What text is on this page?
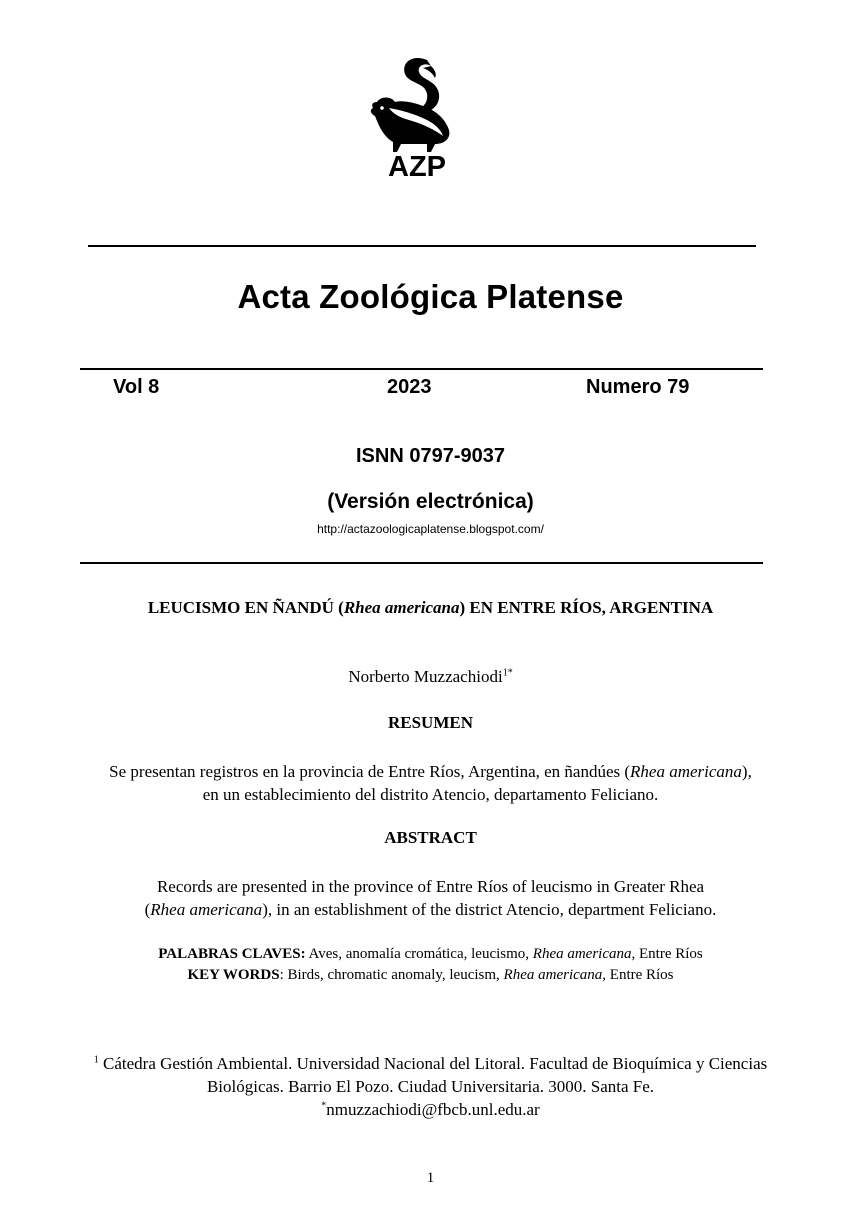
AZP
Acta Zoológica Platense
Vol 8	2023	Numero 79
ISNN 0797-9037
(Versión electrónica)
http://actazoologicaplatense.blogspot.com/
LEUCISMO EN ÑANDÚ (Rhea americana) EN ENTRE RÍOS, ARGENTINA
Norberto Muzzachiodi$^{1*}$
RESUMEN
Se presentan registros en la provincia de Entre Ríos, Argentina, en ñandúes (Rhea americana),
en un establecimiento del distrito Atencio, departamento Feliciano.
ABSTRACT
Records are presented in the province of Entre Ríos of leucismo in Greater Rhea
(Rhea americana), in an establishment of the district Atencio, department Feliciano.
PALABRAS CLAVES: Aves, anomalía cromática, leucismo, Rhea americana, Entre Ríos
KEY WORDS: Birds, chromatic anomaly, leucism, Rhea americana, Entre Ríos
$^1$ Cátedra Gestión Ambiental. Universidad Nacional del Litoral. Facultad de Bioquímica y Ciencias
Biológicas. Barrio El Pozo. Ciudad Universitaria. 3000. Santa Fe.
*nmuzzachiodi@fbcb.unl.edu.ar
1
